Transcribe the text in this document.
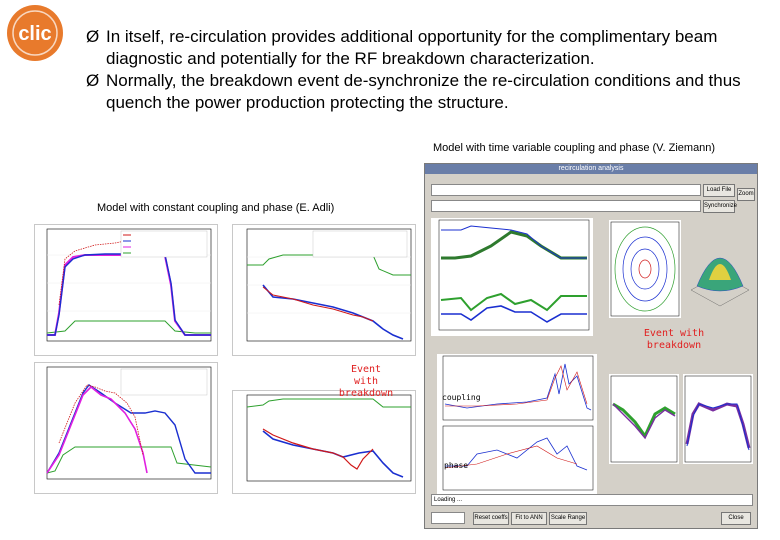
clic Ø In itself, re-circulation provides additional opportunity for the complimentary beam diagnostic and potentially for the RF breakdown characterization.
Ø Normally, the breakdown event de-synchronize the re-circulation conditions and thus quench the power production protecting the structure.
Model with time variable coupling and phase (V. Ziemann)
Model with constant coupling and phase (E. Adli)
Event with
breakdown
recirculation analysis
Load File
Zoom
Synchronize
Loading ...
Reset coeffs	Fit to ANN	Scale Range	Close
Event with breakdown
coupling
phase
